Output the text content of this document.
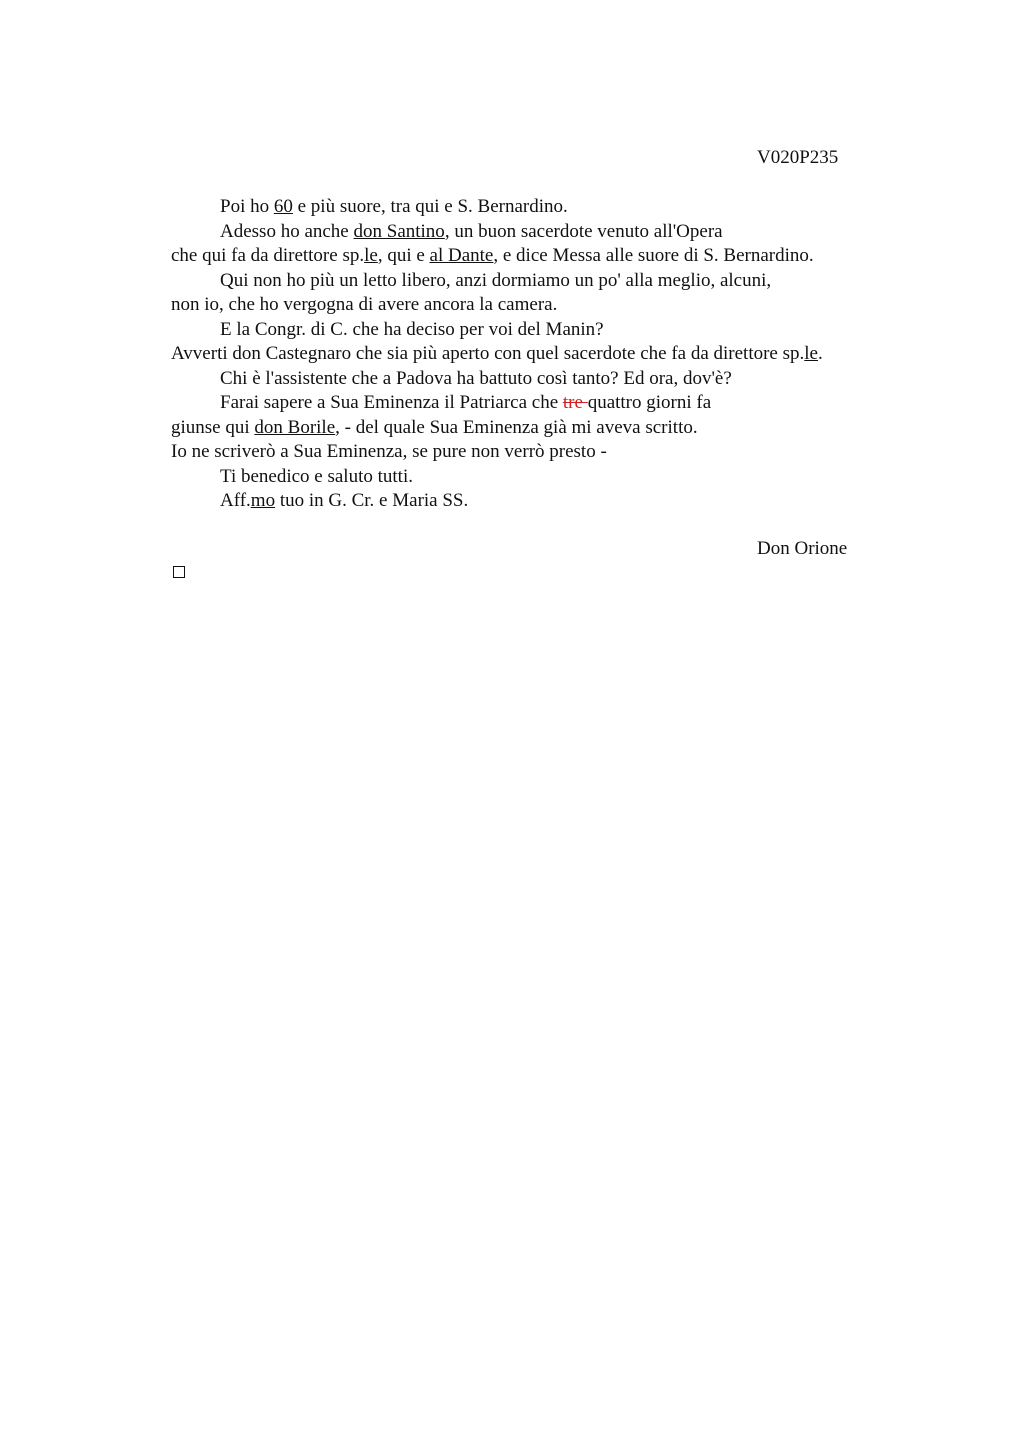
V020P235
Poi ho 60 e più suore, tra qui e S. Bernardino.
Adesso ho anche don Santino, un buon sacerdote venuto all'Opera
che qui fa da direttore sp.le, qui e al Dante, e dice Messa alle suore di S. Bernardino.
Qui non ho più un letto libero, anzi dormiamo un po' alla meglio, alcuni,
non io, che ho vergogna di avere ancora la camera.
E la Congr. di C. che ha deciso per voi del Manin?
Avverti don Castegnaro che sia più aperto con quel sacerdote che fa da direttore sp.le.
Chi è l'assistente che a Padova ha battuto così tanto? Ed ora, dov'è?
Farai sapere a Sua Eminenza il Patriarca che tre quattro giorni fa
giunse qui don Borile, - del quale Sua Eminenza già mi aveva scritto.
Io ne scriverò a Sua Eminenza, se pure non verrò presto -
Ti benedico e saluto tutti.
Aff.mo tuo in G. Cr. e Maria SS.
Don Orione
